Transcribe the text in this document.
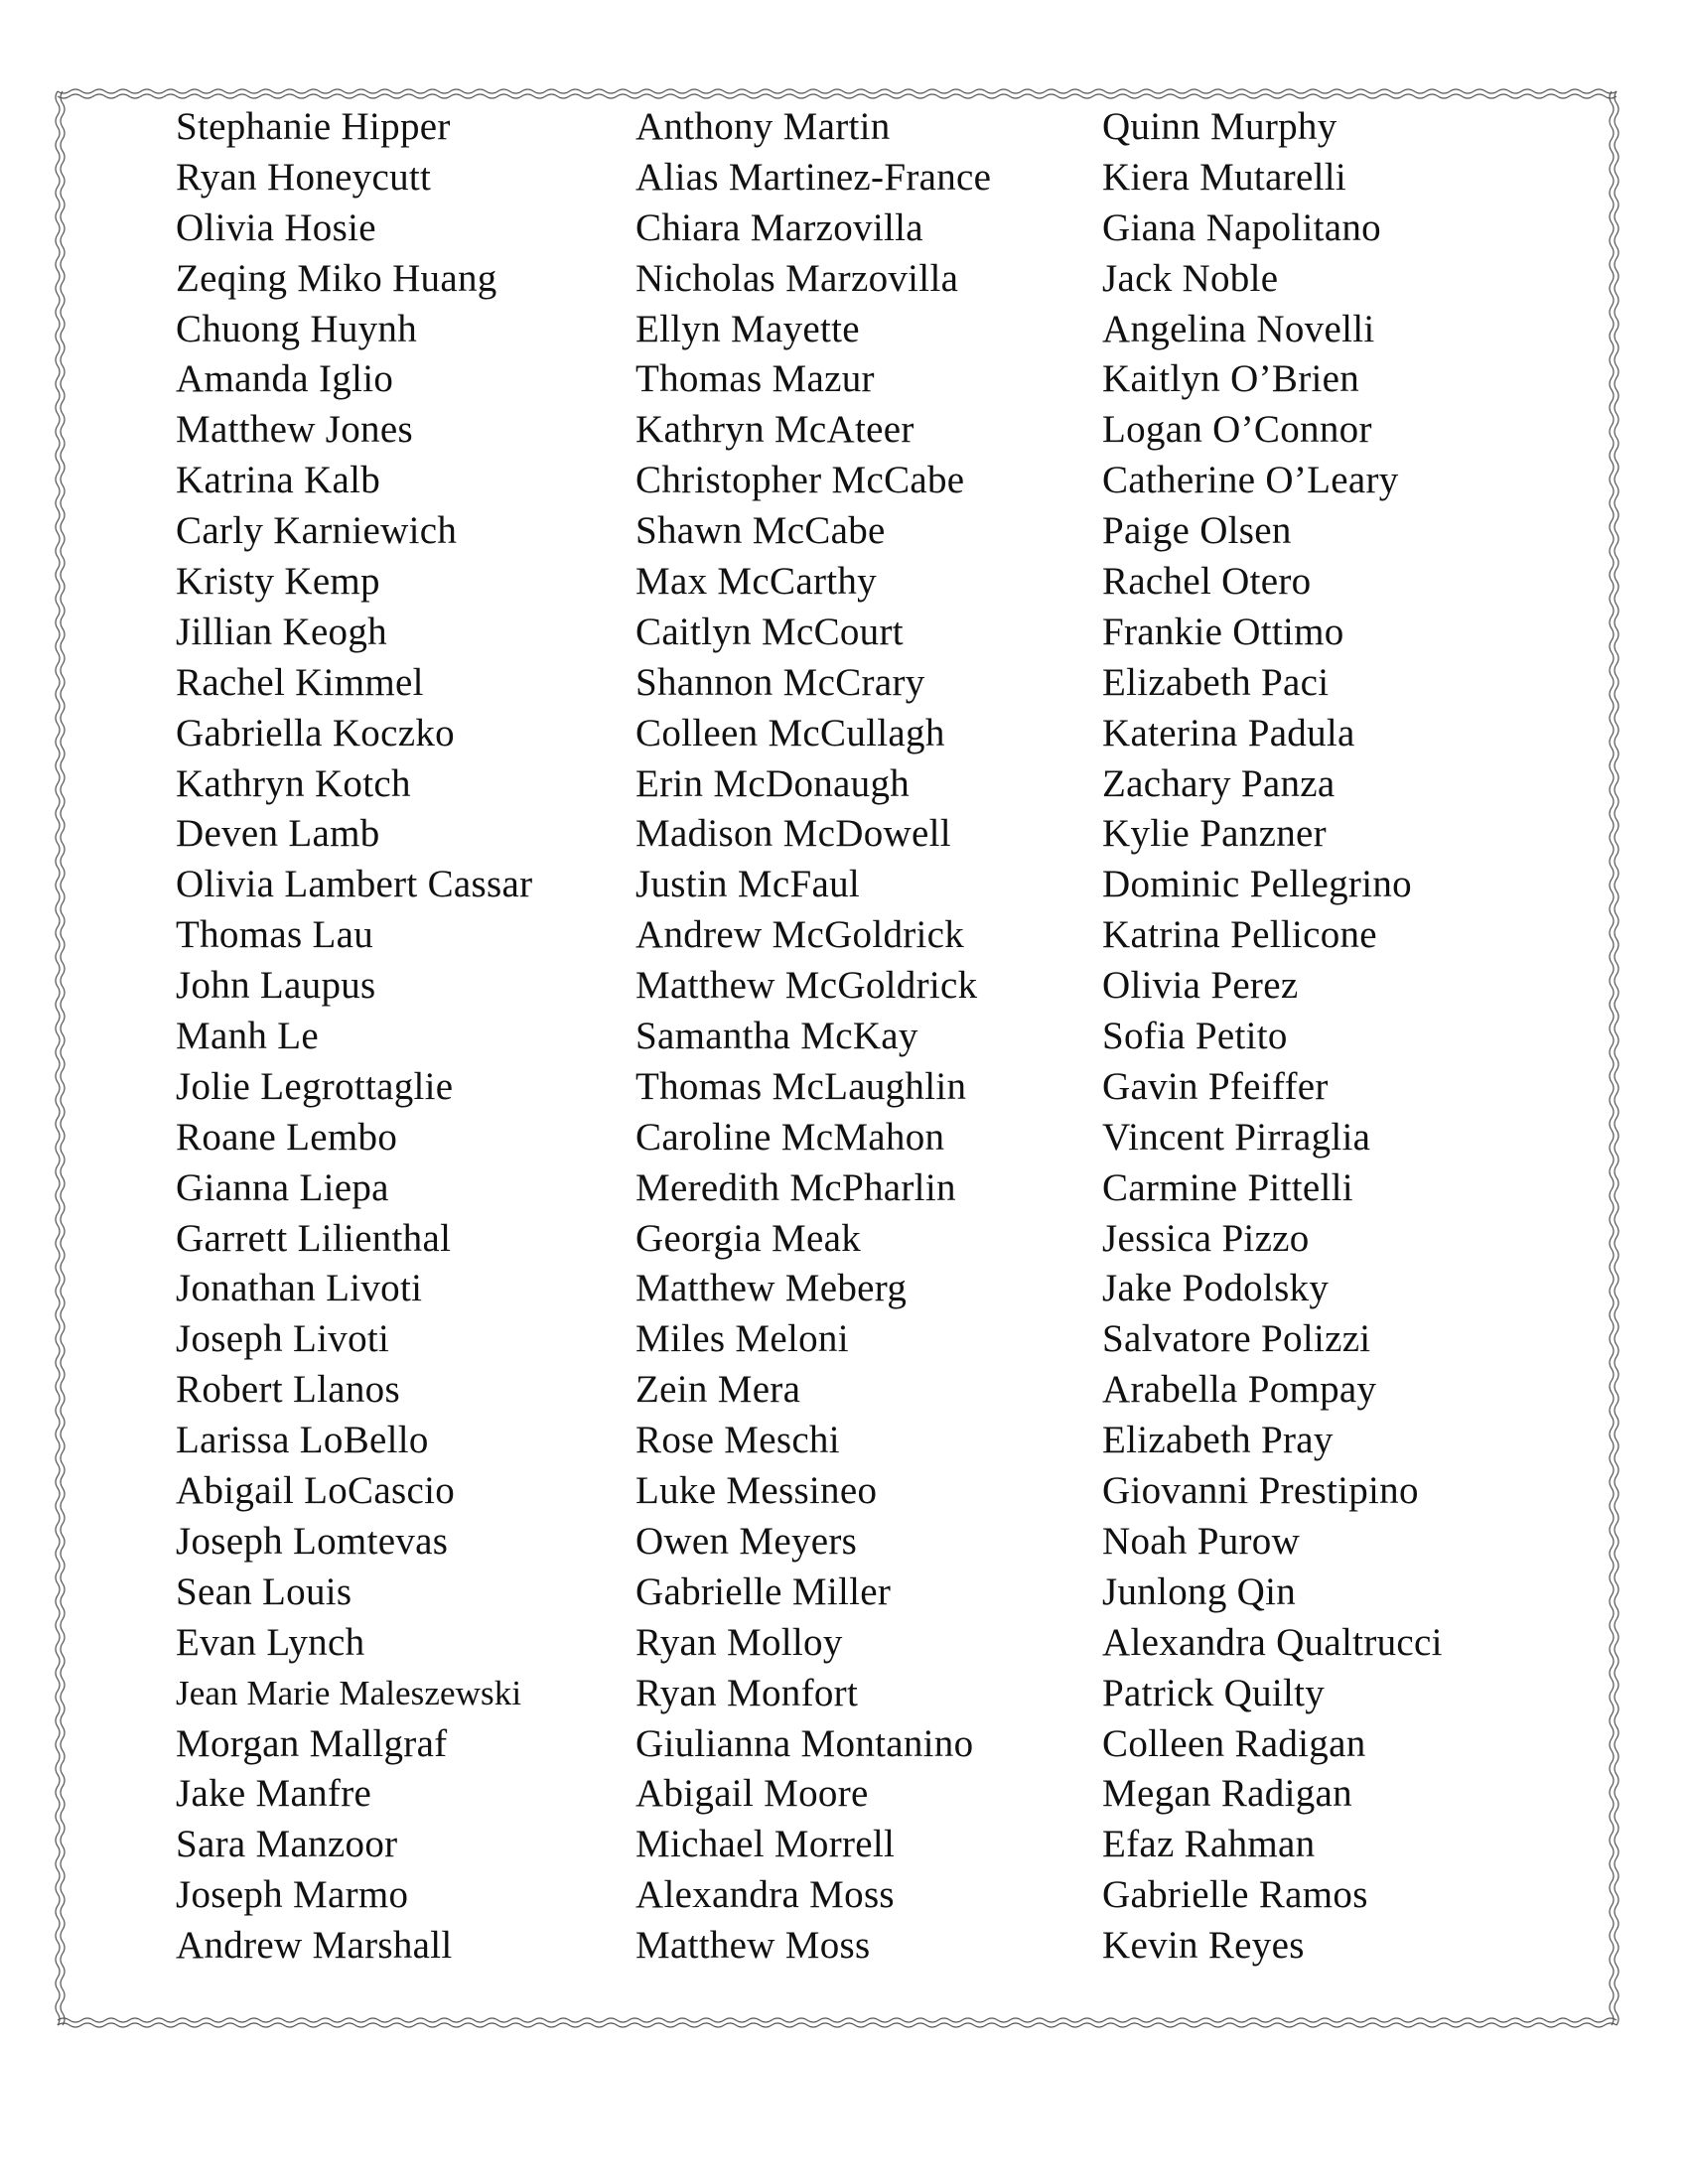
Stephanie Hipper
Ryan Honeycutt
Olivia Hosie
Zeqing Miko Huang
Chuong Huynh
Amanda Iglio
Matthew Jones
Katrina Kalb
Carly Karniewich
Kristy Kemp
Jillian Keogh
Rachel Kimmel
Gabriella Koczko
Kathryn Kotch
Deven Lamb
Olivia Lambert Cassar
Thomas Lau
John Laupus
Manh Le
Jolie Legrottaglie
Roane Lembo
Gianna Liepa
Garrett Lilienthal
Jonathan Livoti
Joseph Livoti
Robert Llanos
Larissa LoBello
Abigail LoCascio
Joseph Lomtevas
Sean Louis
Evan Lynch
Jean Marie Maleszewski
Morgan Mallgraf
Jake Manfre
Sara Manzoor
Joseph Marmo
Andrew Marshall
Anthony Martin
Alias Martinez-France
Chiara Marzovilla
Nicholas Marzovilla
Ellyn Mayette
Thomas Mazur
Kathryn McAteer
Christopher McCabe
Shawn McCabe
Max McCarthy
Caitlyn McCourt
Shannon McCrary
Colleen McCullagh
Erin McDonaugh
Madison McDowell
Justin McFaul
Andrew McGoldrick
Matthew McGoldrick
Samantha McKay
Thomas McLaughlin
Caroline McMahon
Meredith McPharlin
Georgia Meak
Matthew Meberg
Miles Meloni
Zein Mera
Rose Meschi
Luke Messineo
Owen Meyers
Gabrielle Miller
Ryan Molloy
Ryan Monfort
Giulianna Montanino
Abigail Moore
Michael Morrell
Alexandra Moss
Matthew Moss
Quinn Murphy
Kiera Mutarelli
Giana Napolitano
Jack Noble
Angelina Novelli
Kaitlyn O’Brien
Logan O’Connor
Catherine O’Leary
Paige Olsen
Rachel Otero
Frankie Ottimo
Elizabeth Paci
Katerina Padula
Zachary Panza
Kylie Panzner
Dominic Pellegrino
Katrina Pellicone
Olivia Perez
Sofia Petito
Gavin Pfeiffer
Vincent Pirraglia
Carmine Pittelli
Jessica Pizzo
Jake Podolsky
Salvatore Polizzi
Arabella Pompay
Elizabeth Pray
Giovanni Prestipino
Noah Purow
Junlong Qin
Alexandra Qualtrucci
Patrick Quilty
Colleen Radigan
Megan Radigan
Efaz Rahman
Gabrielle Ramos
Kevin Reyes
